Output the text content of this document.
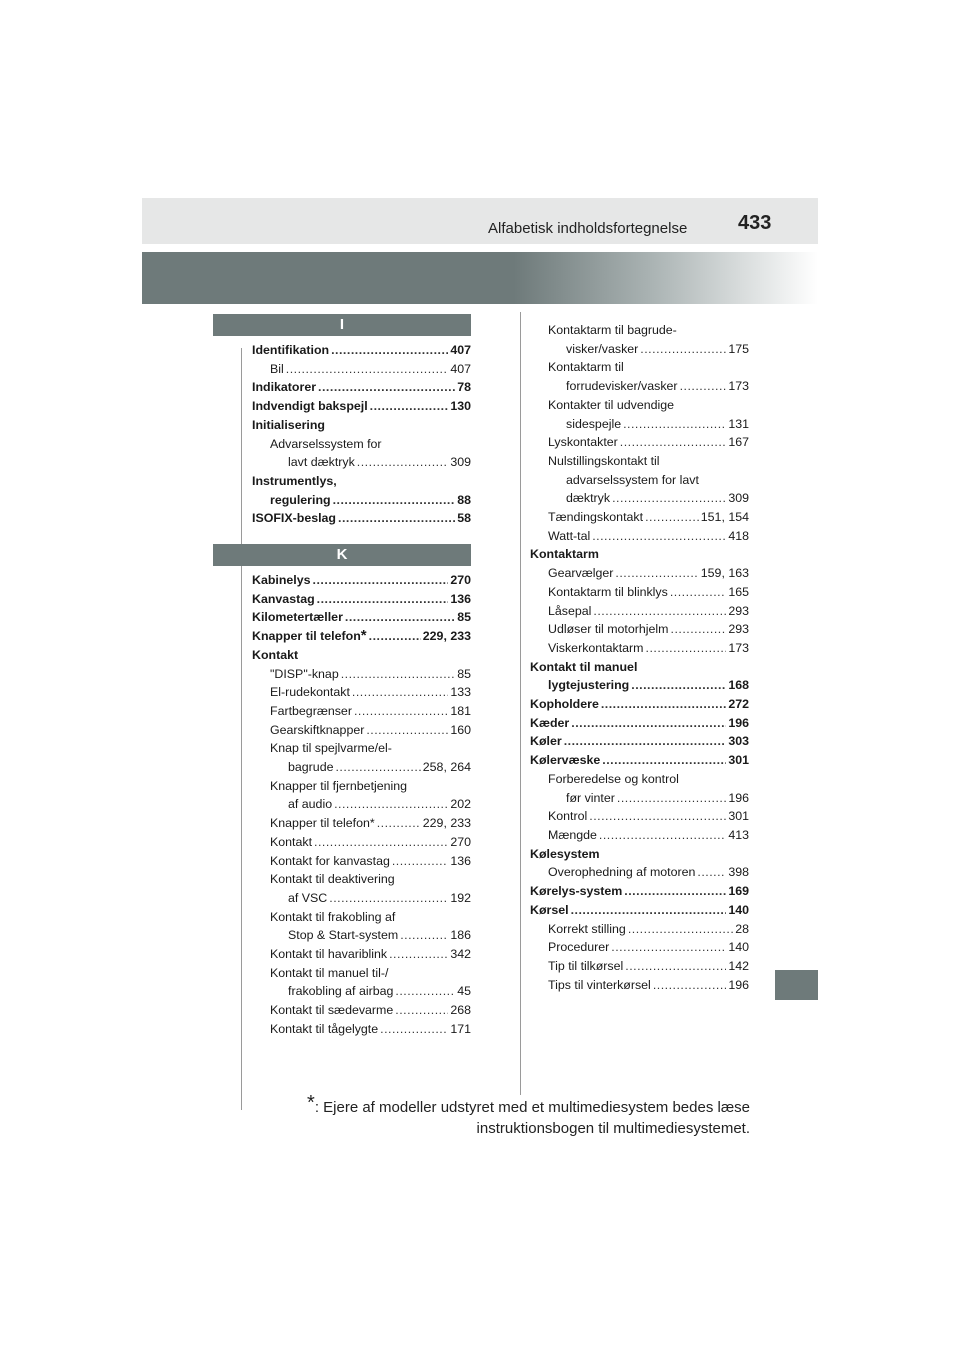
Alfabetisk indholdsfortegnelse	433
I
Identifikation .....	407
Bil .....	407
Indikatorer .....	78
Indvendigt bakspejl .....	130
Initialisering
Advarselssystem for
lavt dæktryk .....	309
Instrumentlys,
regulering .....	88
ISOFIX-beslag .....	58
K
Kabinelys .....	270
Kanvastag .....	136
Kilometertæller .....	85
Knapper til telefon * .....	229, 233
Kontakt
"DISP"-knap .....	85
El-rudekontakt .....	133
Fartbegrænser .....	181
Gearskiftknapper .....	160
Knap til spejlvarme/el-
bagrude .....	258, 264
Knapper til fjernbetjening
af audio .....	202
Knapper til telefon* .....	229, 233
Kontakt .....	270
Kontakt for kanvastag .....	136
Kontakt til deaktivering
af VSC .....	192
Kontakt til frakobling af
Stop & Start-system .....	186
Kontakt til havariblink .....	342
Kontakt til manuel til-/
frakobling af airbag .....	45
Kontakt til sædevarme .....	268
Kontakt til tågelygte .....	171
Kontaktarm til bagrude-
visker/vasker .....	175
Kontaktarm til
forrudevisker/vasker .....	173
Kontakter til udvendige
sidespejle .....	131
Lyskontakter .....	167
Nulstillingskontakt til
advarselssystem for lavt
dæktryk .....	309
Tændingskontakt .....	151, 154
Watt-tal .....	418
Kontaktarm
Gearvælger .....	159, 163
Kontaktarm til blinklys .....	165
Låsepal .....	293
Udløser til motorhjelm .....	293
Viskerkontaktarm .....	173
Kontakt til manuel
lygtejustering .....	168
Kopholdere .....	272
Kæder .....	196
Køler .....	303
Kølervæske .....	301
Forberedelse og kontrol
før vinter .....	196
Kontrol .....	301
Mængde .....	413
Kølesystem
Overophedning af motoren .....	398
Kørelys-system .....	169
Kørsel .....	140
Korrekt stilling .....	28
Procedurer .....	140
Tip til tilkørsel .....	142
Tips til vinterkørsel .....	196
*: Ejere af modeller udstyret med et multimediesystem bedes læse
instruktionsbogen til multimediesystemet.
